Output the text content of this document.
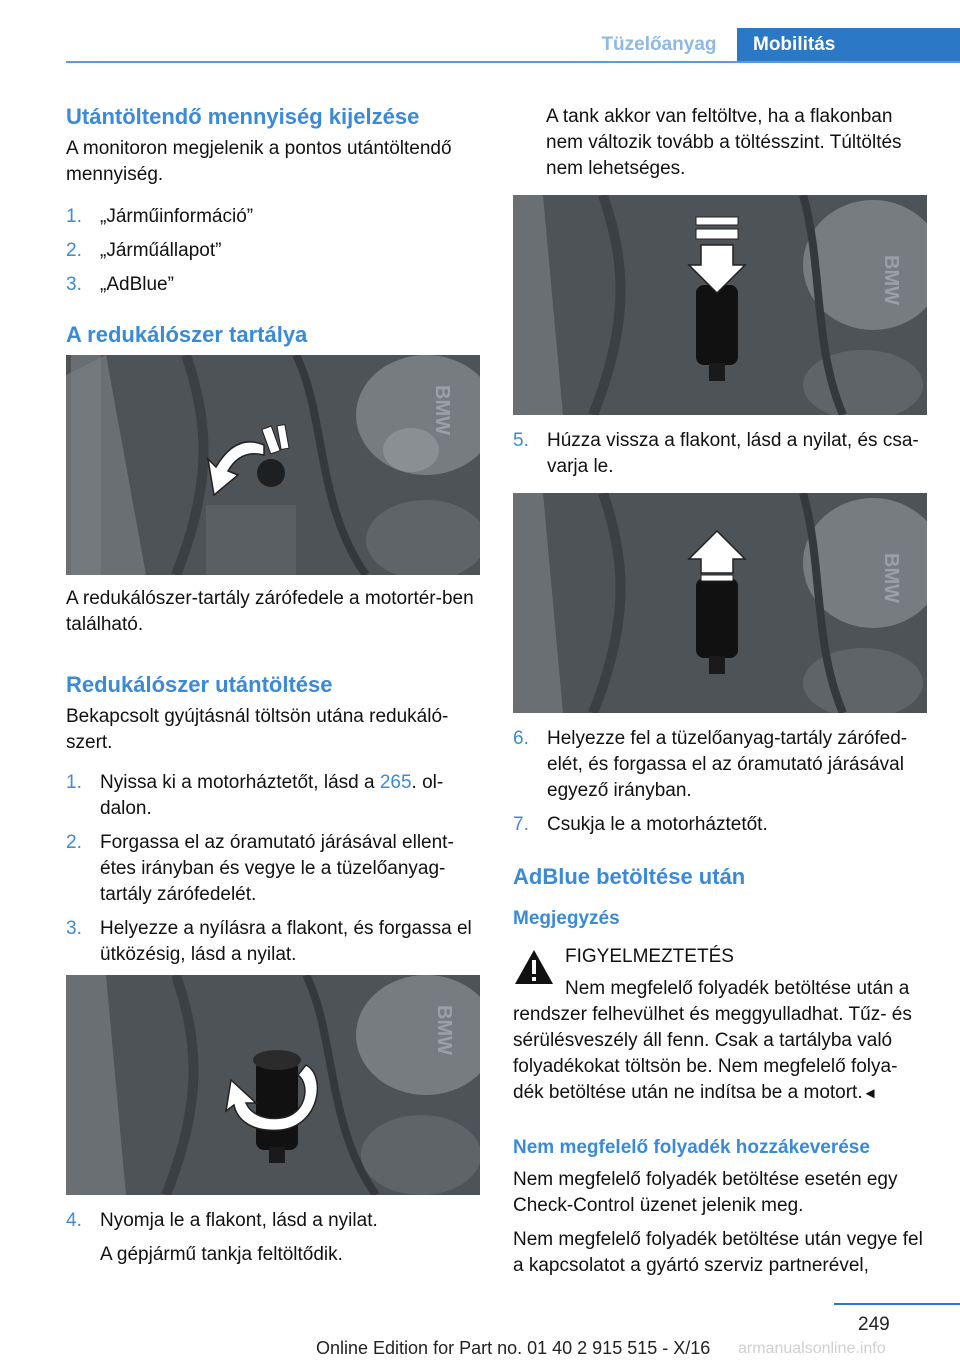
Tüzelőanyag	Mobilitás
Utántöltendő mennyiség kijelzése

A monitoron megjelenik a pontos utántöltendő mennyiség.

1. „Járműinformáció”
2. „Járműállapot”
3. „AdBlue”
A redukálószer tartálya
BMW

A redukálószer-tartály zárófedele a motortér-ben található.

Redukálószer utántöltése

Bekapcsolt gyújtásnál töltsön utána redukáló-szert.

1. Nyissa ki a motorháztetőt, lásd a 265. ol-dalon.
2. Forgassa el az óramutató járásával ellent-étes irányban és vegye le a tüzelőanyag-tartály zárófedelét.
3. Helyezze a nyílásra a flakont, és forgassa el ütközésig, lásd a nyilat.
BMW
4. Nyomja le a flakont, lásd a nyilat.

A gépjármű tankja feltöltődik.

A tank akkor van feltöltve, ha a flakonban nem változik tovább a töltésszint. Túltöltés nem lehetséges.

BMW
5. Húzza vissza a flakont, lásd a nyilat, és csa-varja le.
BMW
6. Helyezze fel a tüzelőanyag-tartály zárófed-elét, és forgassa el az óramutató járásával egyező irányban.
7. Csukja le a motorháztetőt.
AdBlue betöltése után
Megjegyzés

FIGYELMEZTETÉS

Nem megfelelő folyadék betöltése után a

rendszer felhevülhet és meggyulladhat. Tűz- és sérülésveszély áll fenn. Csak a tartályba való folyadékokat töltsön be. Nem megfelelő folya-dék betöltése után ne indítsa be a motort.◄

Nem megfelelő folyadék hozzákeverése

Nem megfelelő folyadék betöltése esetén egy Check-Control üzenet jelenik meg.

Nem megfelelő folyadék betöltése után vegye fel a kapcsolatot a gyártó szerviz partnerével,

249
Online Edition for Part no. 01 40 2 915 515 - X/16 armanualsonline.info
